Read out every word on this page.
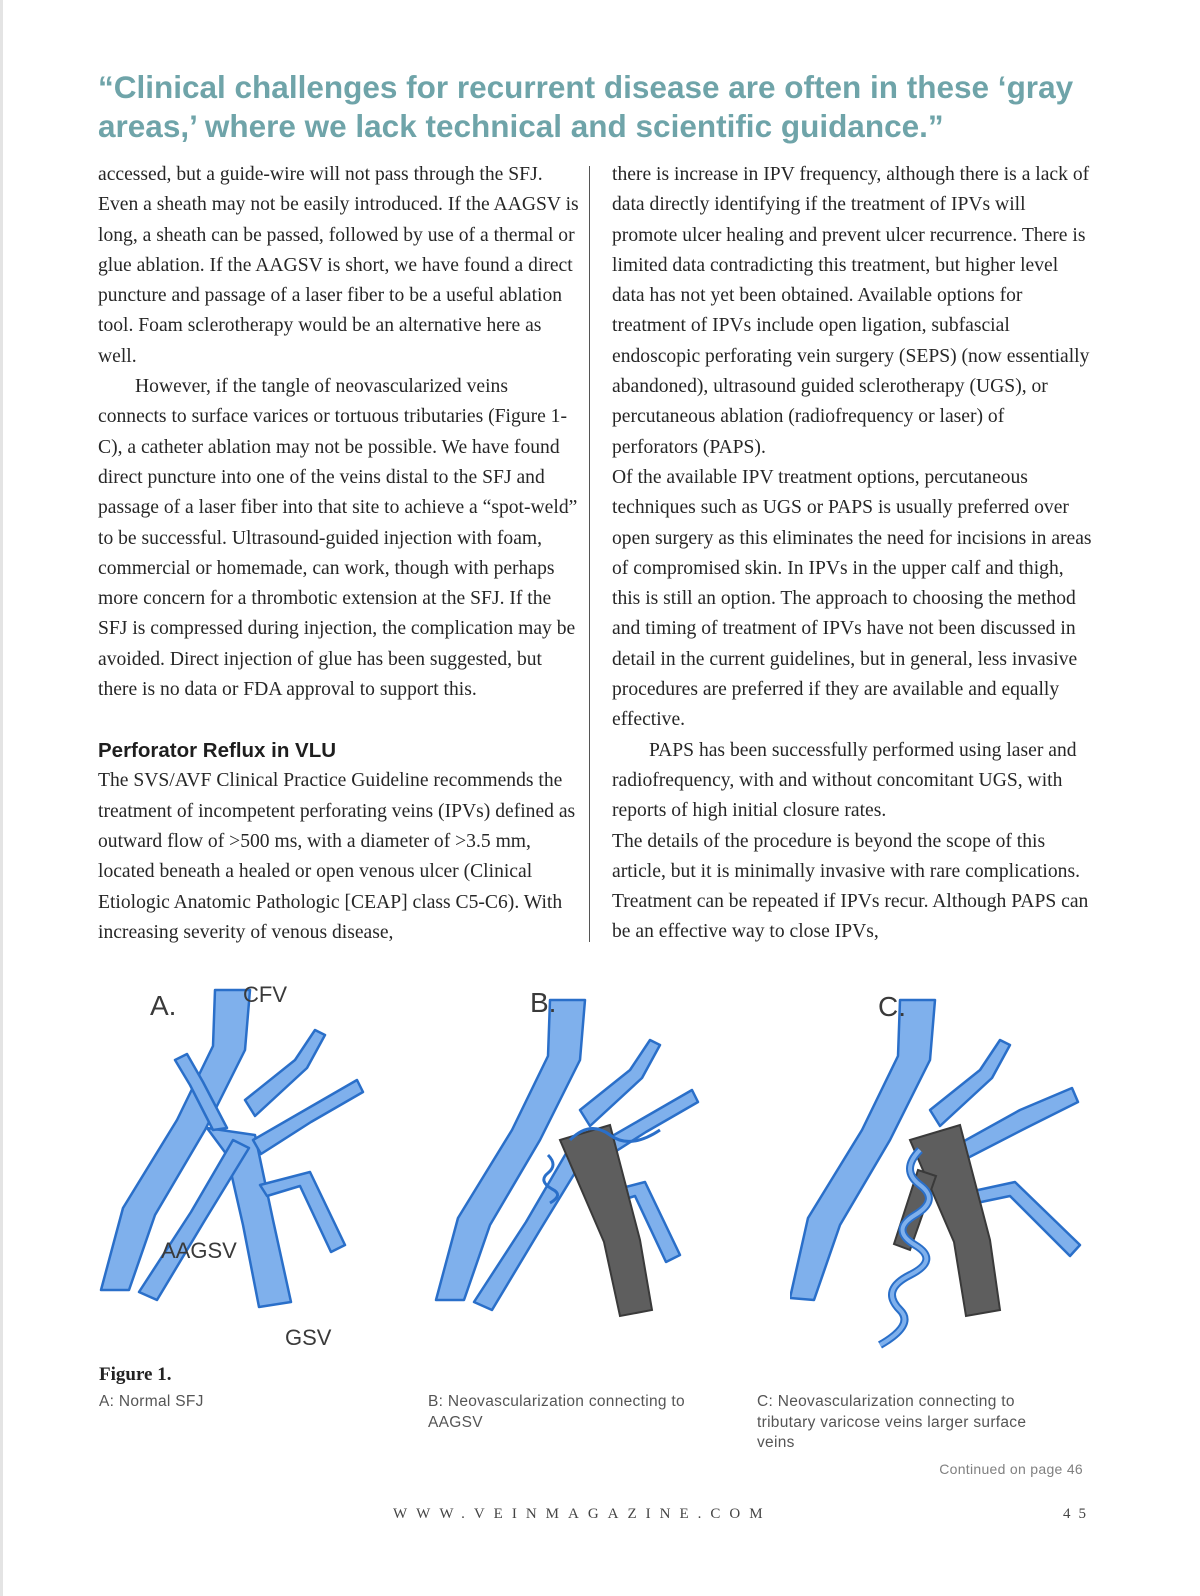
“Clinical challenges for recurrent disease are often in these ‘gray areas,’ where we lack technical and scientific guidance.”

accessed, but a guide-wire will not pass through the SFJ. Even a sheath may not be easily introduced. If the AAGSV is long, a sheath can be passed, followed by use of a thermal or glue ablation. If the AAGSV is short, we have found a direct puncture and passage of a laser fiber to be a useful ablation tool. Foam sclerotherapy would be an alternative here as well.

However, if the tangle of neovascularized veins connects to surface varices or tortuous tributaries (Figure 1-C), a catheter ablation may not be possible. We have found direct puncture into one of the veins distal to the SFJ and passage of a laser fiber into that site to achieve a “spot-weld” to be successful. Ultrasound-guided injection with foam, commercial or homemade, can work, though with perhaps more concern for a thrombotic extension at the SFJ. If the SFJ is compressed during injection, the complication may be avoided. Direct injection of glue has been suggested, but there is no data or FDA approval to support this.

Perforator Reflux in VLU

The SVS/AVF Clinical Practice Guideline recommends the treatment of incompetent perforating veins (IPVs) defined as outward flow of >500 ms, with a diameter of >3.5 mm, located beneath a healed or open venous ulcer (Clinical Etiologic Anatomic Pathologic [CEAP] class C5-C6). With increasing severity of venous disease,

there is increase in IPV frequency, although there is a lack of data directly identifying if the treatment of IPVs will promote ulcer healing and prevent ulcer recurrence. There is limited data contradicting this treatment, but higher level data has not yet been obtained. Available options for treatment of IPVs include open ligation, subfascial endoscopic perforating vein surgery (SEPS) (now essentially abandoned), ultrasound guided sclerotherapy (UGS), or percutaneous ablation (radiofrequency or laser) of perforators (PAPS).

Of the available IPV treatment options, percutaneous techniques such as UGS or PAPS is usually preferred over open surgery as this eliminates the need for incisions in areas of compromised skin. In IPVs in the upper calf and thigh, this is still an option. The approach to choosing the method and timing of treatment of IPVs have not been discussed in detail in the current guidelines, but in general, less invasive procedures are preferred if they are available and equally effective.

PAPS has been successfully performed using laser and radiofrequency, with and without concomitant UGS, with reports of high initial closure rates.

The details of the procedure is beyond the scope of this article, but it is minimally invasive with rare complications. Treatment can be repeated if IPVs recur. Although PAPS can be an effective way to close IPVs,

A.	CFV
AAGSV
GSV
B.	C.
Figure 1.
A: Normal SFJ	B: Neovascularization connecting to AAGSV
C: Neovascularization connecting to tributary varicose veins larger surface veins
Continued on page 46
WWW.VEINMAGAZINE.COM	45
